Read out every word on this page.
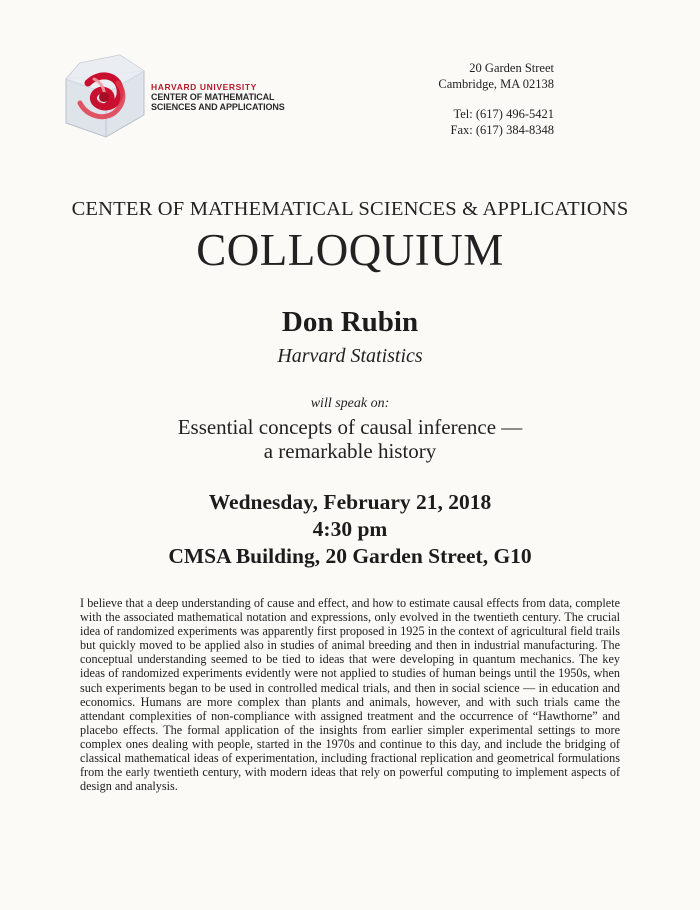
HARVARD UNIVERSITY
CENTER OF MATHEMATICAL
SCIENCES AND APPLICATIONS
20 Garden Street
Cambridge, MA 02138
Tel: (617) 496-5421
Fax: (617) 384-8348
CENTER OF MATHEMATICAL SCIENCES & APPLICATIONS
COLLOQUIUM
Don Rubin
Harvard Statistics
will speak on:
Essential concepts of causal inference —
a remarkable history
Wednesday, February 21, 2018
4:30 pm
CMSA Building, 20 Garden Street, G10
I believe that a deep understanding of cause and effect, and how to estimate causal effects from data, complete with the associated mathematical notation and expressions, only evolved in the twentieth century. The crucial idea of randomized experiments was apparently first proposed in 1925 in the context of agricultural field trails but quickly moved to be applied also in studies of animal breeding and then in industrial manufacturing. The conceptual understanding seemed to be tied to ideas that were developing in quantum mechanics. The key ideas of randomized experiments evidently were not applied to studies of human beings until the 1950s, when such experiments began to be used in controlled medical trials, and then in social science — in education and economics. Humans are more complex than plants and animals, however, and with such trials came the attendant complexities of non-compliance with assigned treatment and the occurrence of “Hawthorne” and placebo effects. The formal application of the insights from earlier simpler experimental settings to more complex ones dealing with people, started in the 1970s and continue to this day, and include the bridging of classical mathematical ideas of experimentation, including fractional replication and geometrical formulations from the early twentieth century, with modern ideas that rely on powerful computing to implement aspects of design and analysis.
